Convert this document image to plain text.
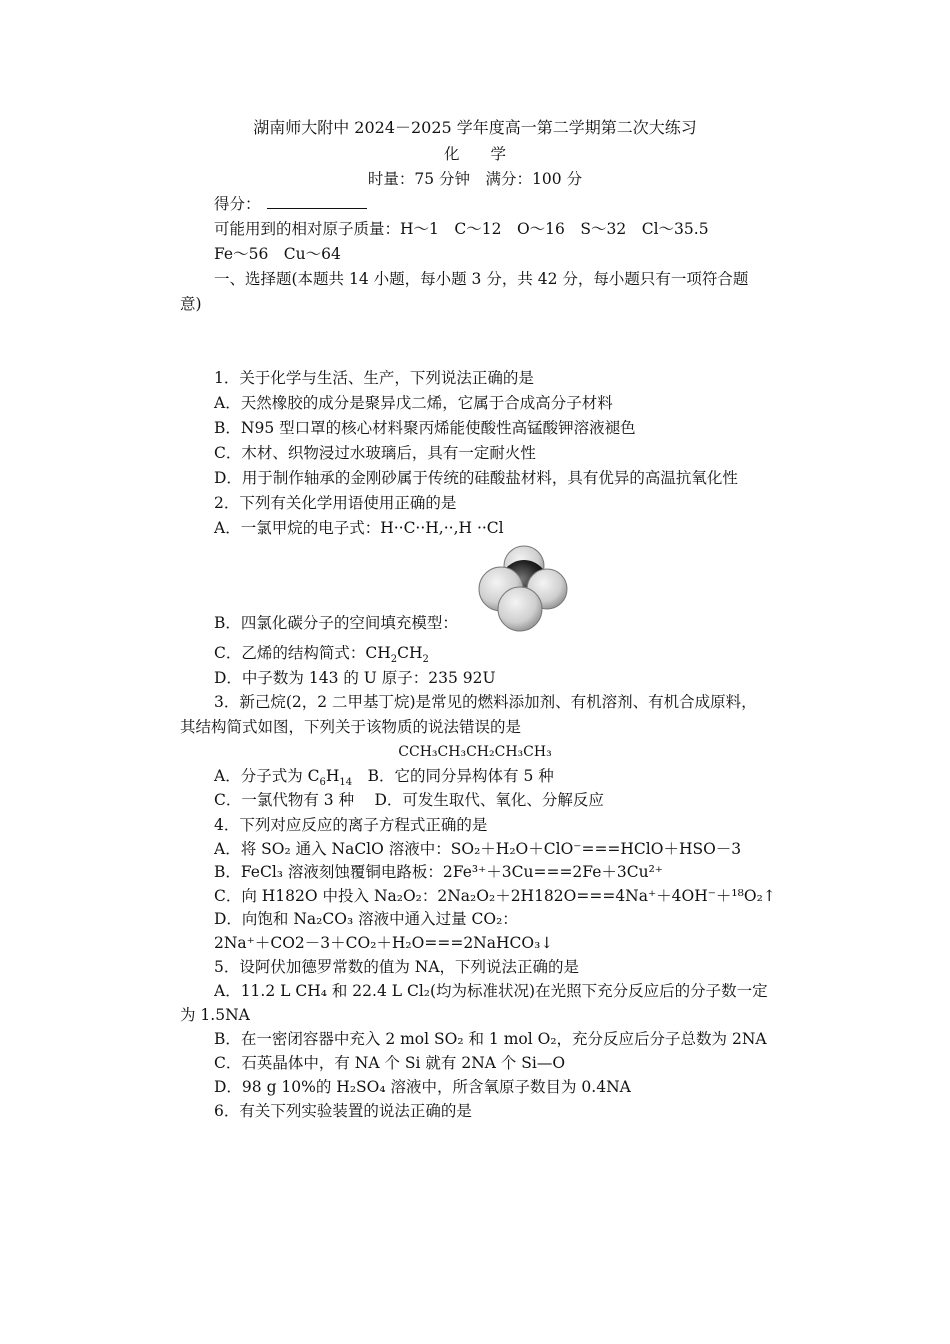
湖南师大附中 2024－2025 学年度高一第二学期第二次大练习
化　　学
时量：75 分钟　满分：100 分
得分：
可能用到的相对原子质量：H～1　C～12　O～16　S～32　Cl～35.5
Fe～56　Cu～64
一、选择题(本题共 14 小题，每小题 3 分，共 42 分，每小题只有一项符合题
意)
1．关于化学与生活、生产，下列说法正确的是
A．天然橡胶的成分是聚异戊二烯，它属于合成高分子材料
B．N95 型口罩的核心材料聚丙烯能使酸性高锰酸钾溶液褪色
C．木材、织物浸过水玻璃后，具有一定耐火性
D．用于制作轴承的金刚砂属于传统的硅酸盐材料，具有优异的高温抗氧化性
2．下列有关化学用语使用正确的是
A．一氯甲烷的电子式：H··C··H,··,H ··Cl
B．四氯化碳分子的空间填充模型：
C．乙烯的结构简式：$CH_2CH_2$
D．中子数为 143 的 U 原子：235 92U
3．新己烷(2，2 二甲基丁烷)是常见的燃料添加剂、有机溶剂、有机合成原料，
其结构简式如图，下列关于该物质的说法错误的是
CCH₃CH₃CH₂CH₃CH₃
A．分子式为 $C_6H_{14}$　B．它的同分异构体有 5 种
C．一氯代物有 3 种　 D．可发生取代、氧化、分解反应
4．下列对应反应的离子方程式正确的是
A．将 SO₂ 通入 NaClO 溶液中：SO₂＋H₂O＋ClO⁻===HClO＋HSO－3
B．FeCl₃ 溶液刻蚀覆铜电路板：2Fe³⁺＋3Cu===2Fe＋3Cu²⁺
C．向 H182O 中投入 Na₂O₂：2Na₂O₂＋2H182O===4Na⁺＋4OH⁻＋¹⁸O₂↑
D．向饱和 Na₂CO₃ 溶液中通入过量 CO₂：
2Na⁺＋CO2－3＋CO₂＋H₂O===2NaHCO₃↓
5．设阿伏加德罗常数的值为 NA，下列说法正确的是
A．11.2 L CH₄ 和 22.4 L Cl₂(均为标准状况)在光照下充分反应后的分子数一定
为 1.5NA
B．在一密闭容器中充入 2 mol SO₂ 和 1 mol O₂，充分反应后分子总数为 2NA
C．石英晶体中，有 NA 个 Si 就有 2NA 个 Si—O
D．98 g 10%的 H₂SO₄ 溶液中，所含氧原子数目为 0.4NA
6．有关下列实验装置的说法正确的是
